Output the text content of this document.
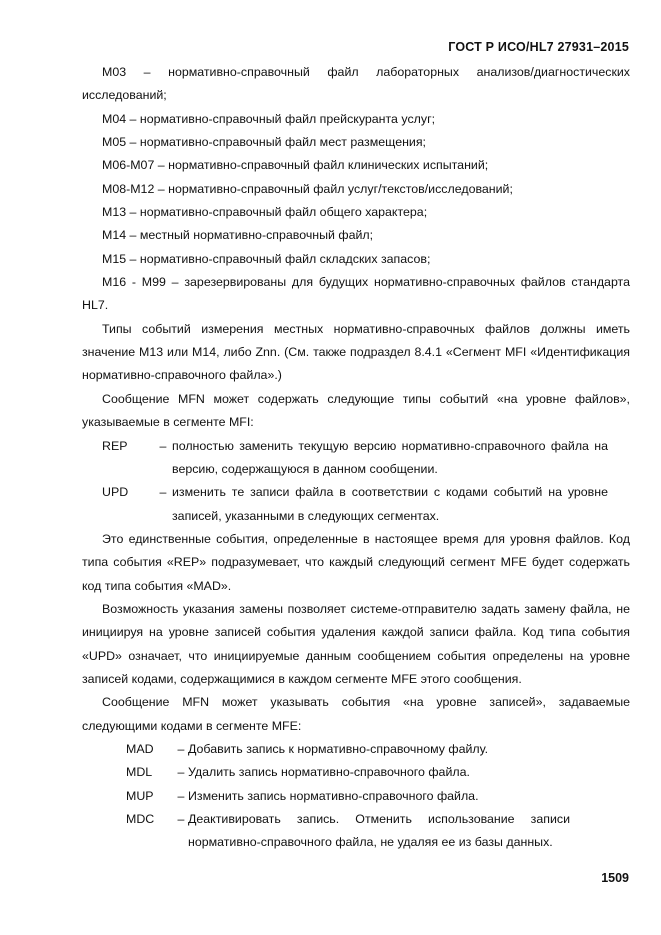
ГОСТ Р ИСО/HL7 27931–2015

М03 – нормативно-справочный файл лабораторных анализов/диагностических исследований;

М04 – нормативно-справочный файл прейскуранта услуг;

М05 – нормативно-справочный файл мест размещения;

М06-М07 – нормативно-справочный файл клинических испытаний;

М08-М12 – нормативно-справочный файл услуг/текстов/исследований;

М13 – нормативно-справочный файл общего характера;

М14 – местный нормативно-справочный файл;

М15 – нормативно-справочный файл складских запасов;

М16 - М99 – зарезервированы для будущих нормативно-справочных файлов стандарта HL7.

Типы событий измерения местных нормативно-справочных файлов должны иметь значение М13 или М14, либо Znn. (См. также подраздел 8.4.1 «Сегмент MFI «Идентификация нормативно-справочного файла».)

Сообщение MFN может содержать следующие типы событий «на уровне файлов», указываемые в сегменте MFI:

REP	– полностью заменить текущую версию нормативно-справочного файла на версию, содержащуюся в данном сообщении.
UPD	– изменить те записи файла в соответствии с кодами событий на уровне записей, указанными в следующих сегментах.

Это единственные события, определенные в настоящее время для уровня файлов. Код типа события «REP» подразумевает, что каждый следующий сегмент MFE будет содержать код типа события «MAD».

Возможность указания замены позволяет системе-отправителю задать замену файла, не инициируя на уровне записей события удаления каждой записи файла. Код типа события «UPD» означает, что инициируемые данным сообщением события определены на уровне записей кодами, содержащимися в каждом сегменте MFE этого сообщения.

Сообщение MFN может указывать события «на уровне записей», задаваемые следующими кодами в сегменте MFE:

MAD	– Добавить запись к нормативно-справочному файлу.
MDL	– Удалить запись нормативно-справочного файла.
MUP	– Изменить запись нормативно-справочного файла.
MDC	– Деактивировать запись. Отменить использование записи нормативно-справочного файла, не удаляя ее из базы данных.
1509
